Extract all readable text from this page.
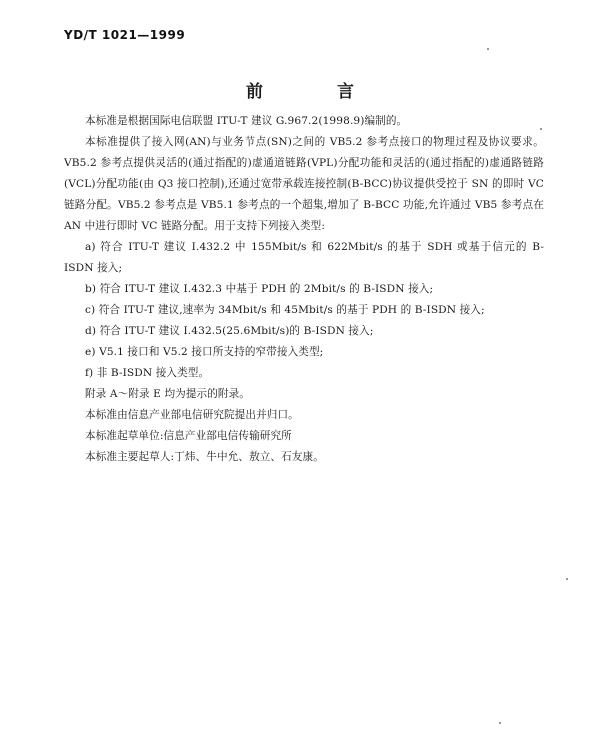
YD/T 1021—1999
前 言

本标准是根据国际电信联盟 ITU-T 建议 G.967.2(1998.9)编制的。

本标准提供了接入网(AN)与业务节点(SN)之间的 VB5.2 参考点接口的物理过程及协议要求。VB5.2 参考点提供灵活的(通过指配的)虚通道链路(VPL)分配功能和灵活的(通过指配的)虚通路链路(VCL)分配功能(由 Q3 接口控制),还通过宽带承载连接控制(B-BCC)协议提供受控于 SN 的即时 VC 链路分配。VB5.2 参考点是 VB5.1 参考点的一个超集,增加了 B-BCC 功能,允许通过 VB5 参考点在 AN 中进行即时 VC 链路分配。用于支持下列接入类型:

a) 符合 ITU-T 建议 I.432.2 中 155Mbit/s 和 622Mbit/s 的基于 SDH 或基于信元的 B-ISDN 接入;

b) 符合 ITU-T 建议 I.432.3 中基于 PDH 的 2Mbit/s 的 B-ISDN 接入;

c) 符合 ITU-T 建议,速率为 34Mbit/s 和 45Mbit/s 的基于 PDH 的 B-ISDN 接入;

d) 符合 ITU-T 建议 I.432.5(25.6Mbit/s)的 B-ISDN 接入;

e) V5.1 接口和 V5.2 接口所支持的窄带接入类型;

f) 非 B-ISDN 接入类型。

附录 A～附录 E 均为提示的附录。

本标准由信息产业部电信研究院提出并归口。

本标准起草单位:信息产业部电信传输研究所

本标准主要起草人:丁炜、牛中允、敖立、石友康。
